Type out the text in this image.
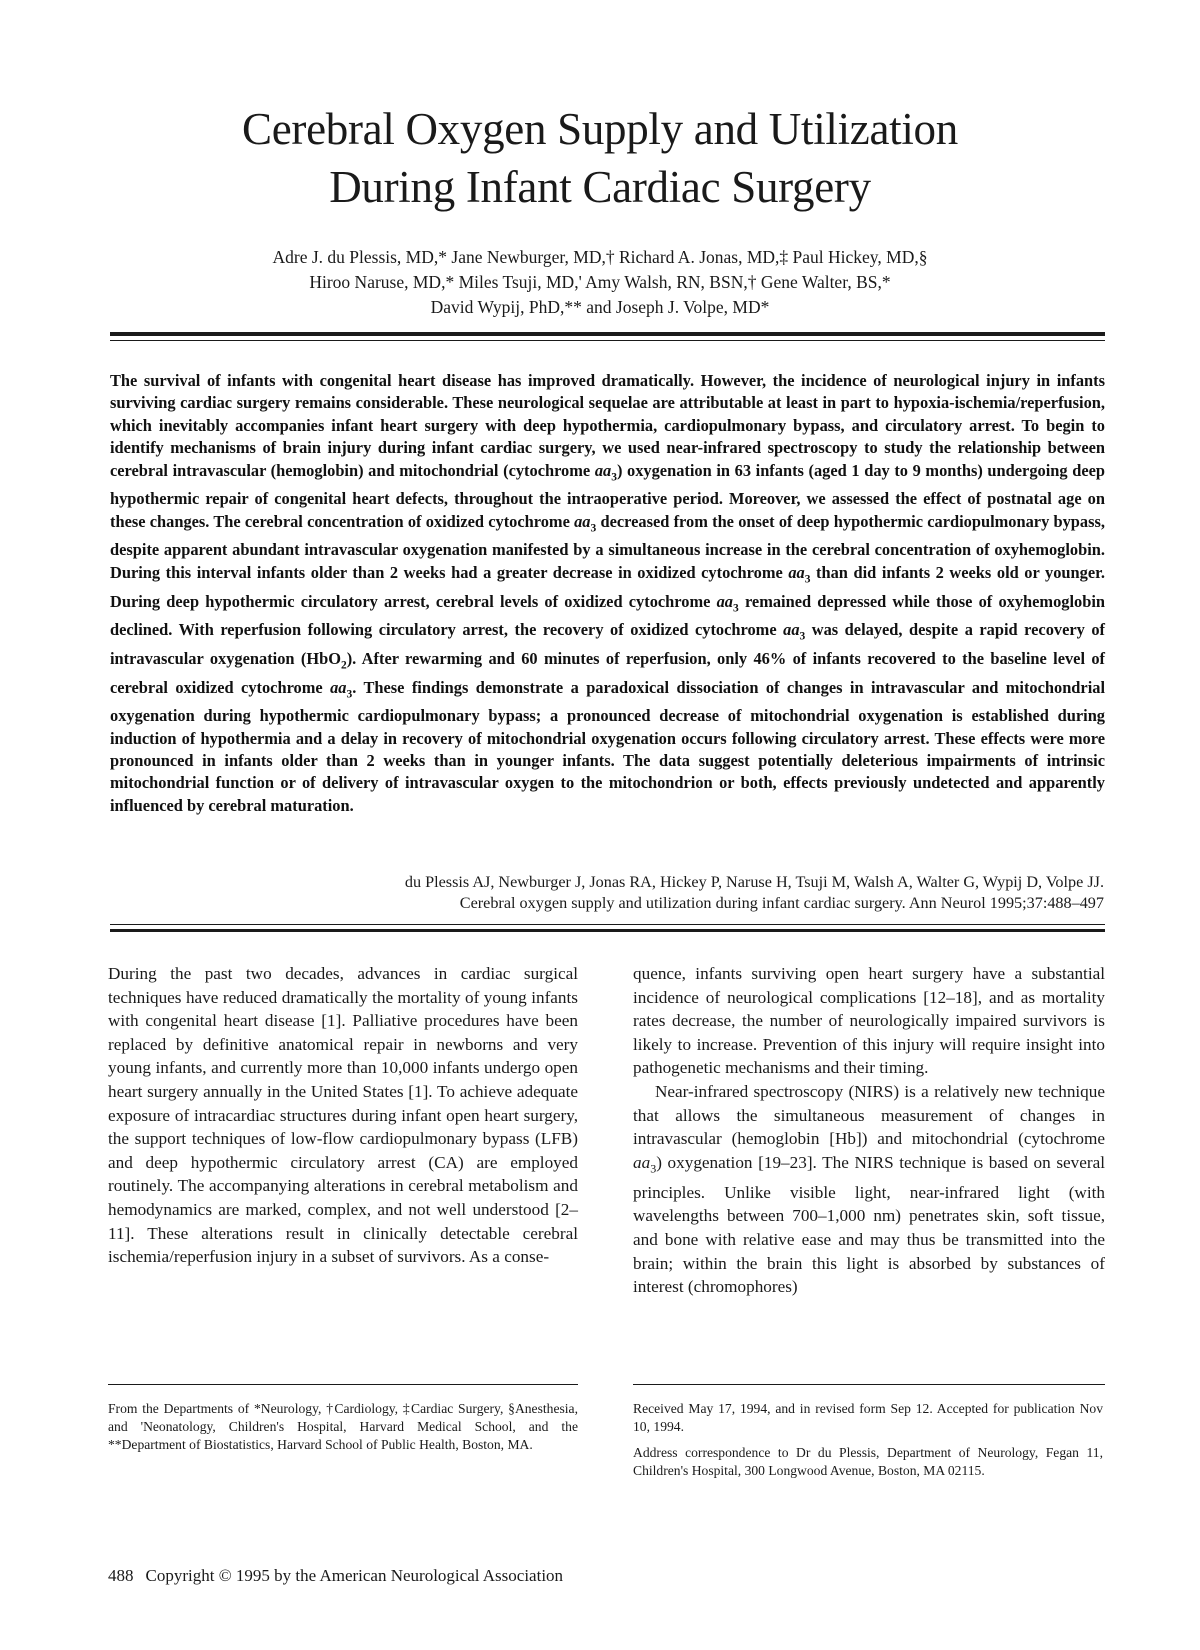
Cerebral Oxygen Supply and Utilization
During Infant Cardiac Surgery
Adre J. du Plessis, MD,* Jane Newburger, MD,† Richard A. Jonas, MD,‡ Paul Hickey, MD,§
Hiroo Naruse, MD,* Miles Tsuji, MD,' Amy Walsh, RN, BSN,† Gene Walter, BS,*
David Wypij, PhD,** and Joseph J. Volpe, MD*
The survival of infants with congenital heart disease has improved dramatically. However, the incidence of neurological injury in infants surviving cardiac surgery remains considerable. These neurological sequelae are attributable at least in part to hypoxia-ischemia/reperfusion, which inevitably accompanies infant heart surgery with deep hypothermia, cardiopulmonary bypass, and circulatory arrest. To begin to identify mechanisms of brain injury during infant cardiac surgery, we used near-infrared spectroscopy to study the relationship between cerebral intravascular (hemoglobin) and mitochondrial (cytochrome $aa_3$) oxygenation in 63 infants (aged 1 day to 9 months) undergoing deep hypothermic repair of congenital heart defects, throughout the intraoperative period. Moreover, we assessed the effect of postnatal age on these changes. The cerebral concentration of oxidized cytochrome $aa_3$ decreased from the onset of deep hypothermic cardiopulmonary bypass, despite apparent abundant intravascular oxygenation manifested by a simultaneous increase in the cerebral concentration of oxyhemoglobin. During this interval infants older than 2 weeks had a greater decrease in oxidized cytochrome $aa_3$ than did infants 2 weeks old or younger. During deep hypothermic circulatory arrest, cerebral levels of oxidized cytochrome $aa_3$ remained depressed while those of oxyhemoglobin declined. With reperfusion following circulatory arrest, the recovery of oxidized cytochrome $aa_3$ was delayed, despite a rapid recovery of intravascular oxygenation (HbO$_2$). After rewarming and 60 minutes of reperfusion, only 46% of infants recovered to the baseline level of cerebral oxidized cytochrome $aa_3$. These findings demonstrate a paradoxical dissociation of changes in intravascular and mitochondrial oxygenation during hypothermic cardiopulmonary bypass; a pronounced decrease of mitochondrial oxygenation is established during induction of hypothermia and a delay in recovery of mitochondrial oxygenation occurs following circulatory arrest. These effects were more pronounced in infants older than 2 weeks than in younger infants. The data suggest potentially deleterious impairments of intrinsic mitochondrial function or of delivery of intravascular oxygen to the mitochondrion or both, effects previously undetected and apparently influenced by cerebral maturation.
du Plessis AJ, Newburger J, Jonas RA, Hickey P, Naruse H, Tsuji M, Walsh A, Walter G, Wypij D, Volpe JJ.
Cerebral oxygen supply and utilization during infant cardiac surgery. Ann Neurol 1995;37:488–497

During the past two decades, advances in cardiac surgical techniques have reduced dramatically the mortality of young infants with congenital heart disease [1]. Palliative procedures have been replaced by definitive anatomical repair in newborns and very young infants, and currently more than 10,000 infants undergo open heart surgery annually in the United States [1]. To achieve adequate exposure of intracardiac structures during infant open heart surgery, the support techniques of low-flow cardiopulmonary bypass (LFB) and deep hypothermic circulatory arrest (CA) are employed routinely. The accompanying alterations in cerebral metabolism and hemodynamics are marked, complex, and not well understood [2–11]. These alterations result in clinically detectable cerebral ischemia/reperfusion injury in a subset of survivors. As a conse-

quence, infants surviving open heart surgery have a substantial incidence of neurological complications [12–18], and as mortality rates decrease, the number of neurologically impaired survivors is likely to increase. Prevention of this injury will require insight into pathogenetic mechanisms and their timing.

Near-infrared spectroscopy (NIRS) is a relatively new technique that allows the simultaneous measurement of changes in intravascular (hemoglobin [Hb]) and mitochondrial (cytochrome $aa_3$) oxygenation [19–23]. The NIRS technique is based on several principles. Unlike visible light, near-infrared light (with wavelengths between 700–1,000 nm) penetrates skin, soft tissue, and bone with relative ease and may thus be transmitted into the brain; within the brain this light is absorbed by substances of interest (chromophores)

From the Departments of *Neurology, †Cardiology, ‡Cardiac Surgery, §Anesthesia, and 'Neonatology, Children's Hospital, Harvard Medical School, and the **Department of Biostatistics, Harvard School of Public Health, Boston, MA.

Received May 17, 1994, and in revised form Sep 12. Accepted for publication Nov 10, 1994.

Address correspondence to Dr du Plessis, Department of Neurology, Fegan 11, Children's Hospital, 300 Longwood Avenue, Boston, MA 02115.

488 Copyright © 1995 by the American Neurological Association
